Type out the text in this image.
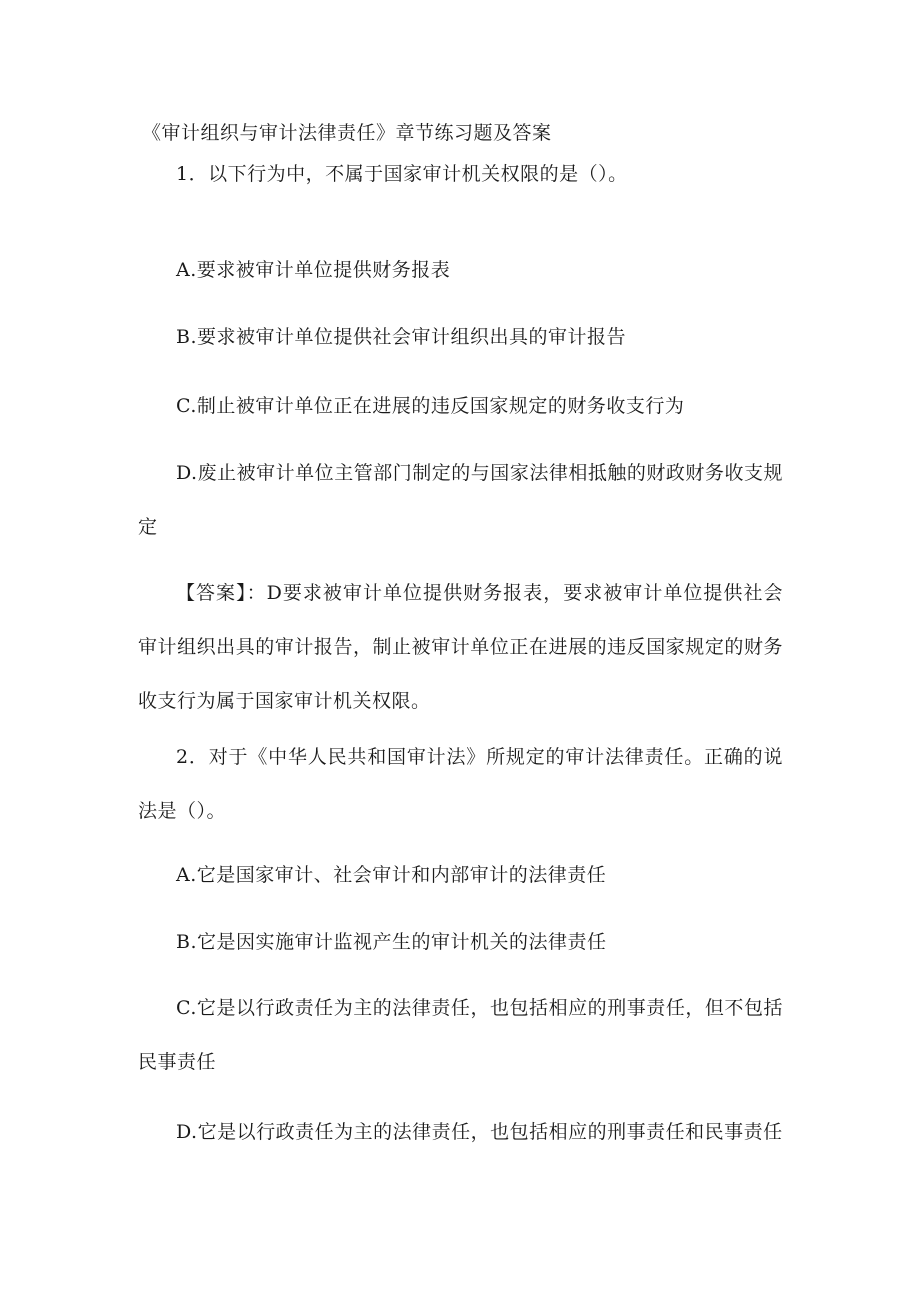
《审计组织与审计法律责任》章节练习题及答案
1．以下行为中，不属于国家审计机关权限的是（）。
A.要求被审计单位提供财务报表
B.要求被审计单位提供社会审计组织出具的审计报告
C.制止被审计单位正在进展的违反国家规定的财务收支行为
D.废止被审计单位主管部门制定的与国家法律相抵触的财政财务收支规定
【答案】：D要求被审计单位提供财务报表，要求被审计单位提供社会审计组织出具的审计报告，制止被审计单位正在进展的违反国家规定的财务收支行为属于国家审计机关权限。
2．对于《中华人民共和国审计法》所规定的审计法律责任。正确的说法是（）。
A.它是国家审计、社会审计和内部审计的法律责任
B.它是因实施审计监视产生的审计机关的法律责任
C.它是以行政责任为主的法律责任，也包括相应的刑事责任，但不包括民事责任
D.它是以行政责任为主的法律责任，也包括相应的刑事责任和民事责任
